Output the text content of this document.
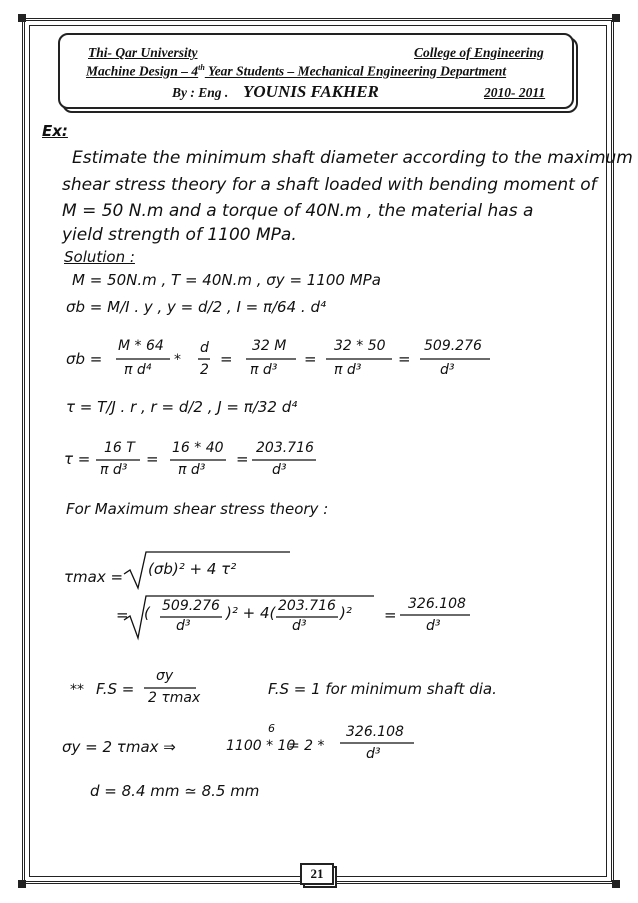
Thi- Qar University	College of Engineering
Machine Design – 4th Year Students – Mechanical Engineering Department
By : Eng . YOUNIS FAKHER	2010- 2011
Ex:
Estimate the minimum shaft diameter according to the maximum
shear stress theory for a shaft loaded with bending moment of
M = 50 N.m and a torque of 40N.m , the material has a
yield strength of 1100 MPa.
Solution :
M = 50N.m , T = 40N.m , σy = 1100 MPa
σb = M/I . y , y = d/2 , I = π/64 . d⁴
σb =
M * 64
π d⁴
*
d
2
=
32 M
π d³
=
32 * 50
π d³
=
509.276
d³
τ = T/J . r , r = d/2 , J = π/32 d⁴
τ =
16 T
π d³
=
16 * 40
π d³
=
203.716
d³
For Maximum shear stress theory :
τmax = (σb)² + 4 τ²
= ( 509.276
d³
)² + 4( 203.716
d³
)² =
326.108
d³
** F.S =
σy
2 τmax	F.S = 1 for minimum shaft dia.
σy = 2 τmax ⇒	1100 * 10
6
= 2 *
326.108
d³
d = 8.4 mm ≃ 8.5 mm
21
